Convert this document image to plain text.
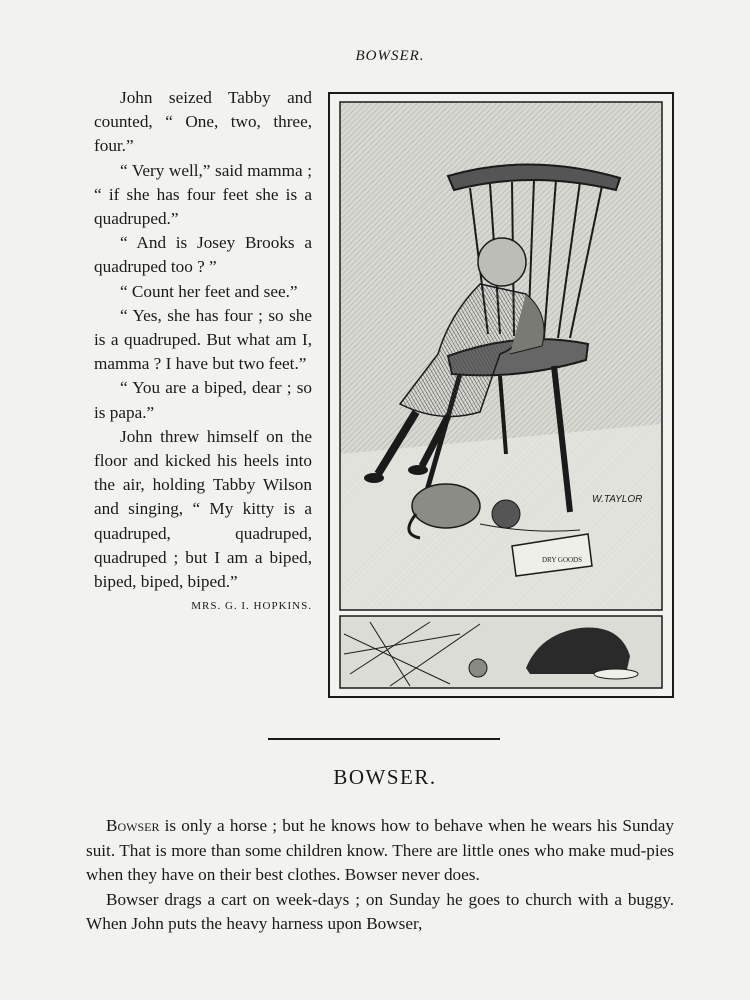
BOWSER.

John seized Tabby and counted, “ One, two, three, four.”

“ Very well,” said mamma ; “ if she has four feet she is a quadruped.”

“ And is Josey Brooks a quadruped too ? ”

“ Count her feet and see.”

“ Yes, she has four ; so she is a quadruped. But what am I, mamma ? I have but two feet.”

“ You are a biped, dear ; so is papa.”

John threw himself on the floor and kicked his heels into the air, holding Tabby Wilson and singing, “ My kitty is a quadruped, quadruped, quadruped ; but I am a biped, biped, biped, biped.”

MRS. G. I. HOPKINS.

DRY GOODS
W.TAYLOR
BOWSER.

Bowser is only a horse ; but he knows how to behave when he wears his Sunday suit. That is more than some children know. There are little ones who make mud-pies when they have on their best clothes. Bowser never does.

Bowser drags a cart on week-days ; on Sunday he goes to church with a buggy. When John puts the heavy harness upon Bowser,
